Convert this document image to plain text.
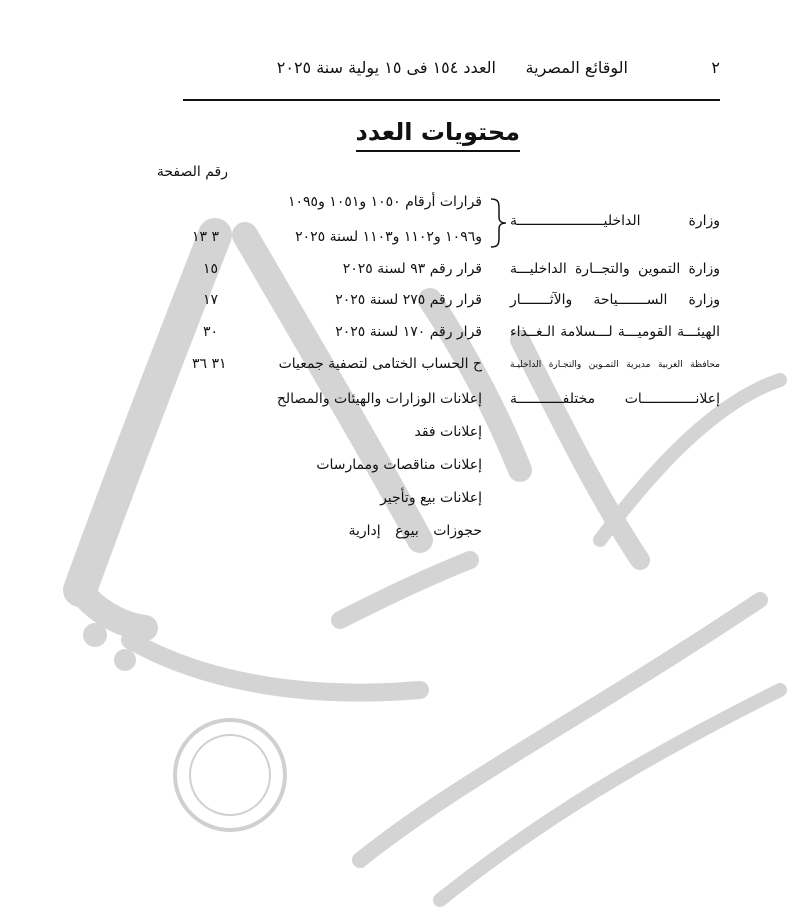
٢
الوقائع المصرية
العدد ١٥٤ فى ١٥ يولية سنة ٢٠٢٥
محتويات العدد
رقم الصفحة
وزارة الداخليـــــــــــــــــــــة
قرارات أرقام ١٠٥٠ و١٠٥١ و١٠٩٥
و١٠٩٦ و١١٠٢ و١١٠٣ لسنة ٢٠٢٥
٣ ١٣
وزارة التموين والتجــارة الداخليـــة
قرار رقم ٩٣ لسنة ٢٠٢٥
١٥
وزارة الســـــــياحة والآثـــــــار
قرار رقم ٢٧٥ لسنة ٢٠٢٥
١٧
الهيئـــة القوميـــة لـــسلامة الـغــذاء
قرار رقم ١٧٠ لسنة ٢٠٢٥
٣٠
محافظة الغربية مديرية التمـوين والتجـارة الداخليـة
ح الحساب الختامى لتصفية جمعيات
٣١ ٣٦
إعلانـــــــــــــات مختلفـــــــــــة
إعلانات الوزارات والهيئات والمصالح
إعلانات فقد
إعلانات مناقصات وممارسات
إعلانات بيع وتأجير
حجوزات بيوع إدارية
